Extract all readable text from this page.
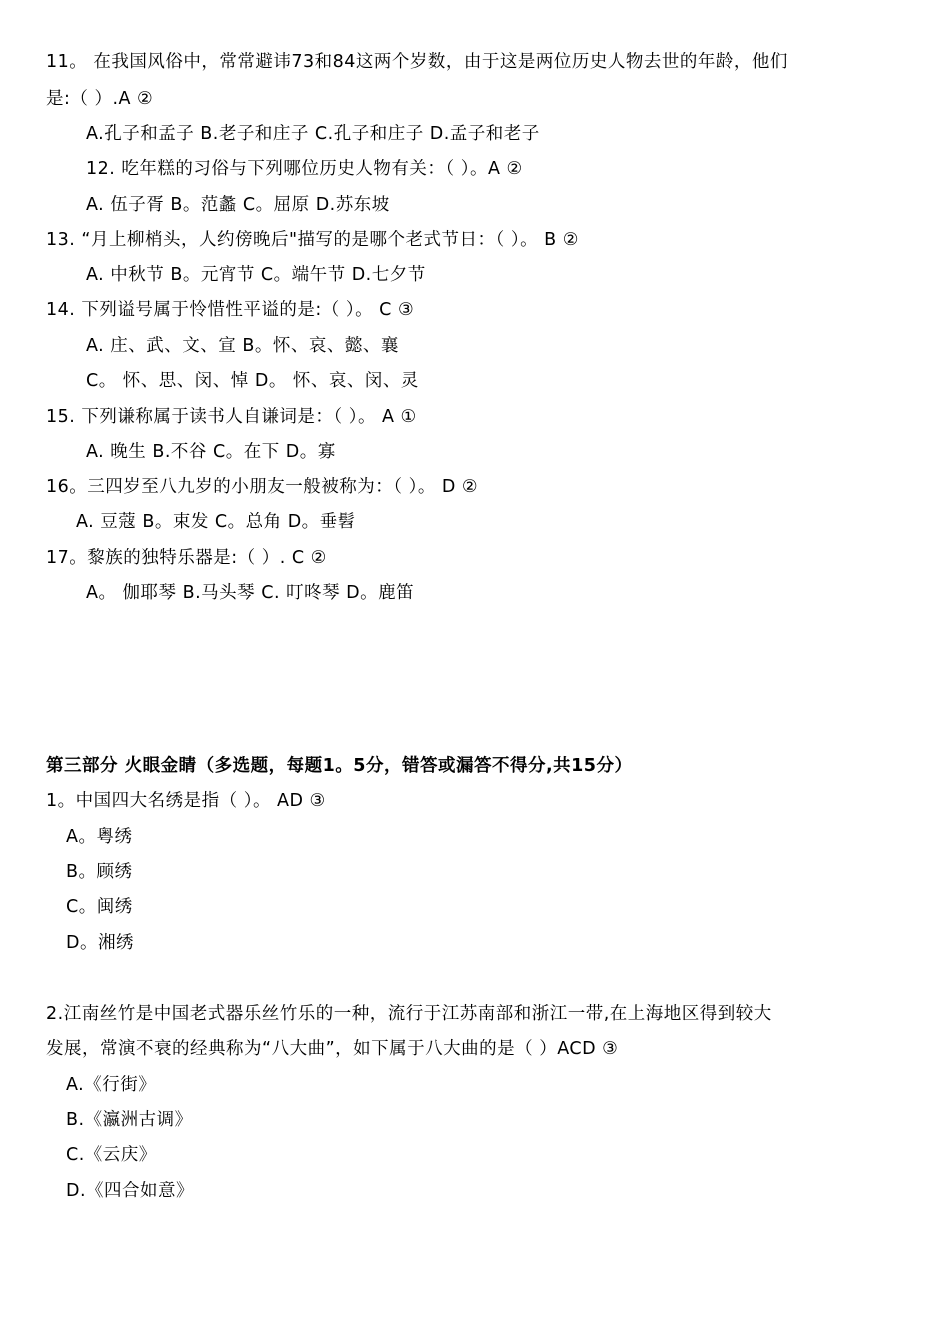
11。 在我国风俗中，常常避讳73和84这两个岁数，由于这是两位历史人物去世的年龄，他们
是:（ ）.A ②
A.孔子和孟子 B.老子和庄子 C.孔子和庄子 D.孟子和老子
12. 吃年糕的习俗与下列哪位历史人物有关：（ ）。A ②
A. 伍子胥 B。范蠡 C。屈原 D.苏东坡
13. “月上柳梢头，人约傍晚后"描写的是哪个老式节日：（ ）。 B ②
A. 中秋节 B。元宵节 C。端午节 D.七夕节
14. 下列谥号属于怜惜性平谥的是:（ ）。 C ③
A. 庄、武、文、宣 B。怀、哀、懿、襄
C。 怀、思、闵、悼 D。 怀、哀、闵、灵
15. 下列谦称属于读书人自谦词是：（ ）。 A ①
A. 晚生 B.不谷 C。在下 D。寡
16。三四岁至八九岁的小朋友一般被称为：（ ）。 D ②
A. 豆蔻 B。束发 C。总角 D。垂髫
17。黎族的独特乐器是:（ ）. C ②
A。 伽耶琴 B.马头琴 C. 叮咚琴 D。鹿笛
第三部分 火眼金睛（多选题，每题1。5分，错答或漏答不得分,共15分）
1。中国四大名绣是指（ ）。 AD ③
A。粤绣
B。顾绣
C。闽绣
D。湘绣
2.江南丝竹是中国老式器乐丝竹乐的一种，流行于江苏南部和浙江一带,在上海地区得到较大
发展，常演不衰的经典称为“八大曲”，如下属于八大曲的是（ ）ACD ③
A.《行街》
B.《瀛洲古调》
C.《云庆》
D.《四合如意》
